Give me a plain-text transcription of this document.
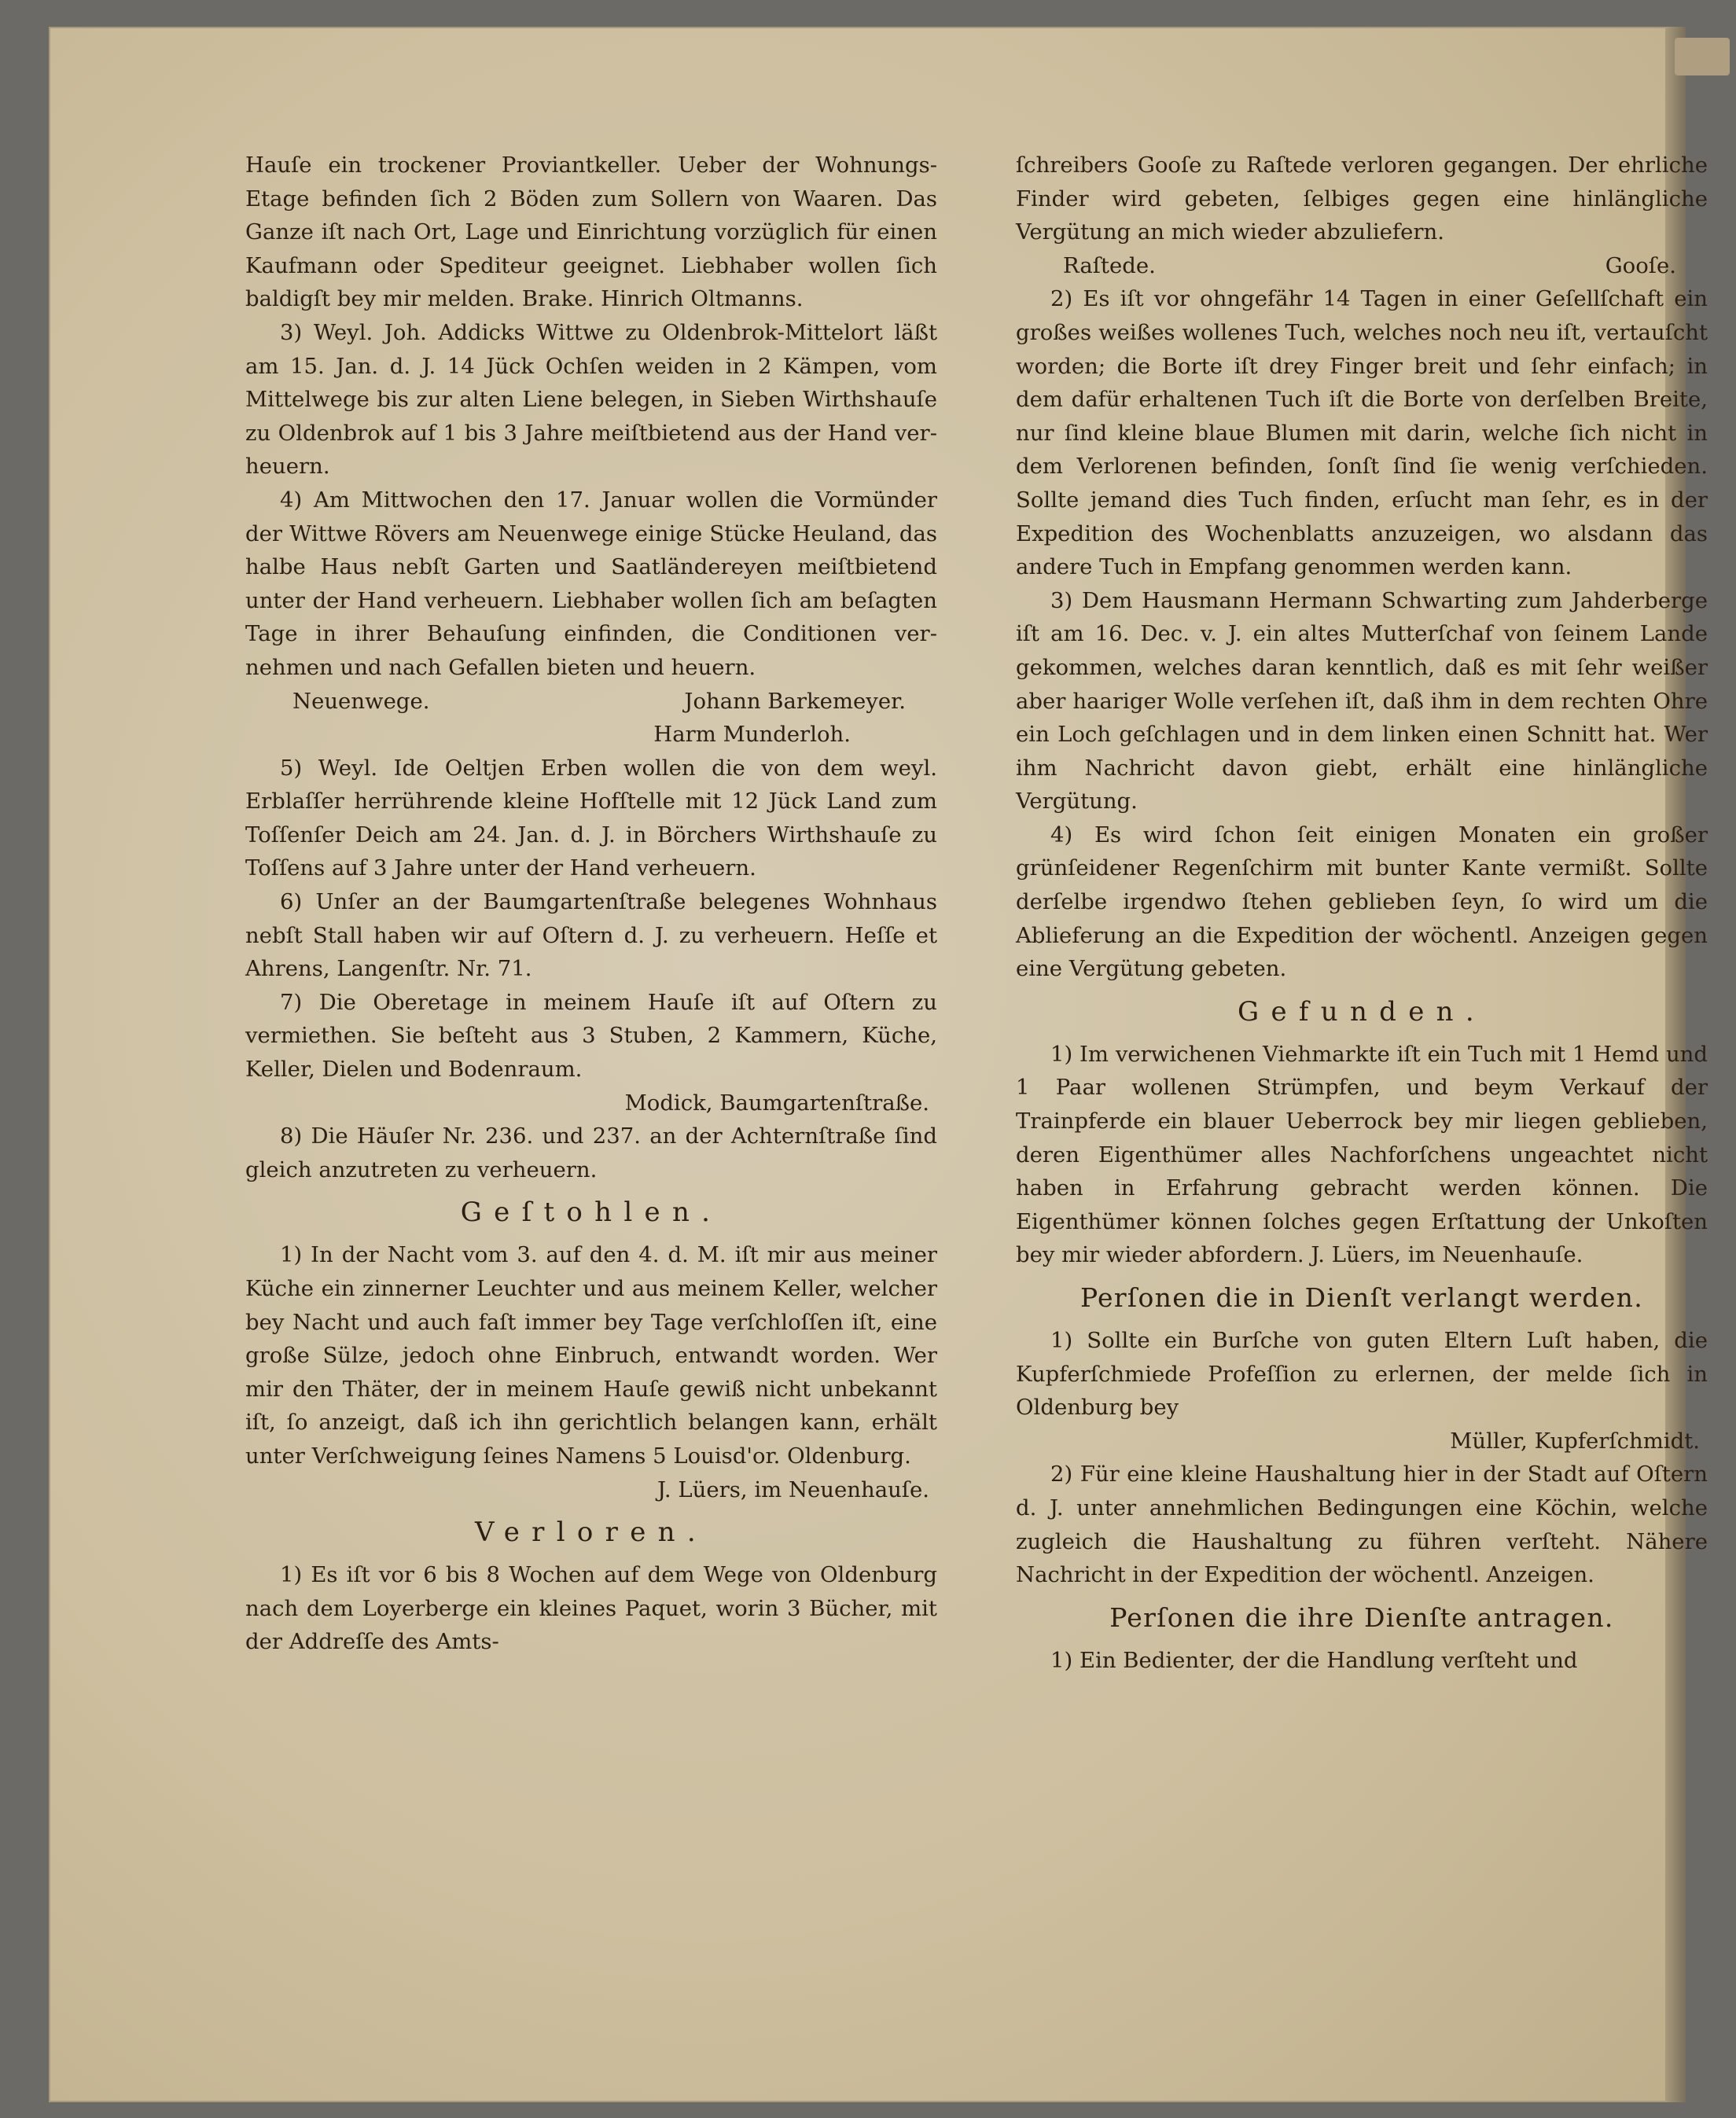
Hauſe ein trockener Proviantkeller. Ueber der Wohnungs-Etage befinden ſich 2 Böden zum Sollern von Waaren. Das Ganze iſt nach Ort, Lage und Einrichtung vorzüglich für einen Kaufmann oder Spediteur geeignet. Liebhaber wollen ſich baldigſt bey mir melden. Brake. Hinrich Oltmanns.

3) Weyl. Joh. Addicks Wittwe zu Oldenbrok-Mittelort läßt am 15. Jan. d. J. 14 Jück Ochſen weiden in 2 Kämpen, vom Mittelwege bis zur alten Liene belegen, in Sieben Wirthshauſe zu Oldenbrok auf 1 bis 3 Jahre meiſtbietend aus der Hand verheuern.

4) Am Mittwochen den 17. Januar wollen die Vormünder der Wittwe Rövers am Neuenwege einige Stücke Heuland, das halbe Haus nebſt Garten und Saatländereyen meiſtbietend unter der Hand verheuern. Liebhaber wollen ſich am beſagten Tage in ihrer Behauſung einfinden, die Conditionen vernehmen und nach Gefallen bieten und heuern.

Neuenwege.	Johann Barkemeyer.

Harm Munderloh.

5) Weyl. Ide Oeltjen Erben wollen die von dem weyl. Erblaſſer herrührende kleine Hofſtelle mit 12 Jück Land zum Toſſenſer Deich am 24. Jan. d. J. in Börchers Wirthshauſe zu Toſſens auf 3 Jahre unter der Hand verheuern.

6) Unſer an der Baumgartenſtraße belegenes Wohnhaus nebſt Stall haben wir auf Oſtern d. J. zu verheuern. Heſſe et Ahrens, Langenſtr. Nr. 71.

7) Die Oberetage in meinem Hauſe iſt auf Oſtern zu vermiethen. Sie beſteht aus 3 Stuben, 2 Kammern, Küche, Keller, Dielen und Bodenraum.

Modick, Baumgartenſtraße.

8) Die Häuſer Nr. 236. und 237. an der Achternſtraße ſind gleich anzutreten zu verheuern.

Geſtohlen.

1) In der Nacht vom 3. auf den 4. d. M. iſt mir aus meiner Küche ein zinnerner Leuchter und aus meinem Keller, welcher bey Nacht und auch faſt immer bey Tage verſchloſſen iſt, eine große Sülze, jedoch ohne Einbruch, entwandt worden. Wer mir den Thäter, der in meinem Hauſe gewiß nicht unbekannt iſt, ſo anzeigt, daß ich ihn gerichtlich belangen kann, erhält unter Verſchweigung ſeines Namens 5 Louisd'or. Oldenburg.

J. Lüers, im Neuenhauſe.

Verloren.

1) Es iſt vor 6 bis 8 Wochen auf dem Wege von Oldenburg nach dem Loyerberge ein kleines Paquet, worin 3 Bücher, mit der Addreſſe des Amts-

ſchreibers Gooſe zu Raſtede verloren gegangen. Der ehrliche Finder wird gebeten, ſelbiges gegen eine hinlängliche Vergütung an mich wieder abzuliefern.

Raſtede.	Gooſe.

2) Es iſt vor ohngefähr 14 Tagen in einer Geſellſchaft ein großes weißes wollenes Tuch, welches noch neu iſt, vertauſcht worden; die Borte iſt drey Finger breit und ſehr einfach; in dem dafür erhaltenen Tuch iſt die Borte von derſelben Breite, nur ſind kleine blaue Blumen mit darin, welche ſich nicht in dem Verlorenen befinden, ſonſt ſind ſie wenig verſchieden. Sollte jemand dies Tuch finden, erſucht man ſehr, es in der Expedition des Wochenblatts anzuzeigen, wo alsdann das andere Tuch in Empfang genommen werden kann.

3) Dem Hausmann Hermann Schwarting zum Jahderberge iſt am 16. Dec. v. J. ein altes Mutterſchaf von ſeinem Lande gekommen, welches daran kenntlich, daß es mit ſehr weißer aber haariger Wolle verſehen iſt, daß ihm in dem rechten Ohre ein Loch geſchlagen und in dem linken einen Schnitt hat. Wer ihm Nachricht davon giebt, erhält eine hinlängliche Vergütung.

4) Es wird ſchon ſeit einigen Monaten ein großer grünſeidener Regenſchirm mit bunter Kante vermißt. Sollte derſelbe irgendwo ſtehen geblieben ſeyn, ſo wird um die Ablieferung an die Expedition der wöchentl. Anzeigen gegen eine Vergütung gebeten.

Gefunden.

1) Im verwichenen Viehmarkte iſt ein Tuch mit 1 Hemd und 1 Paar wollenen Strümpfen, und beym Verkauf der Trainpferde ein blauer Ueberrock bey mir liegen geblieben, deren Eigenthümer alles Nachforſchens ungeachtet nicht haben in Erfahrung gebracht werden können. Die Eigenthümer können ſolches gegen Erſtattung der Unkoſten bey mir wieder abfordern. J. Lüers, im Neuenhauſe.

Perſonen die in Dienſt verlangt werden.

1) Sollte ein Burſche von guten Eltern Luſt haben, die Kupferſchmiede Profeſſion zu erlernen, der melde ſich in Oldenburg bey

Müller, Kupferſchmidt.

2) Für eine kleine Haushaltung hier in der Stadt auf Oſtern d. J. unter annehmlichen Bedingungen eine Köchin, welche zugleich die Haushaltung zu führen verſteht. Nähere Nachricht in der Expedition der wöchentl. Anzeigen.

Perſonen die ihre Dienſte antragen.

1) Ein Bedienter, der die Handlung verſteht und
